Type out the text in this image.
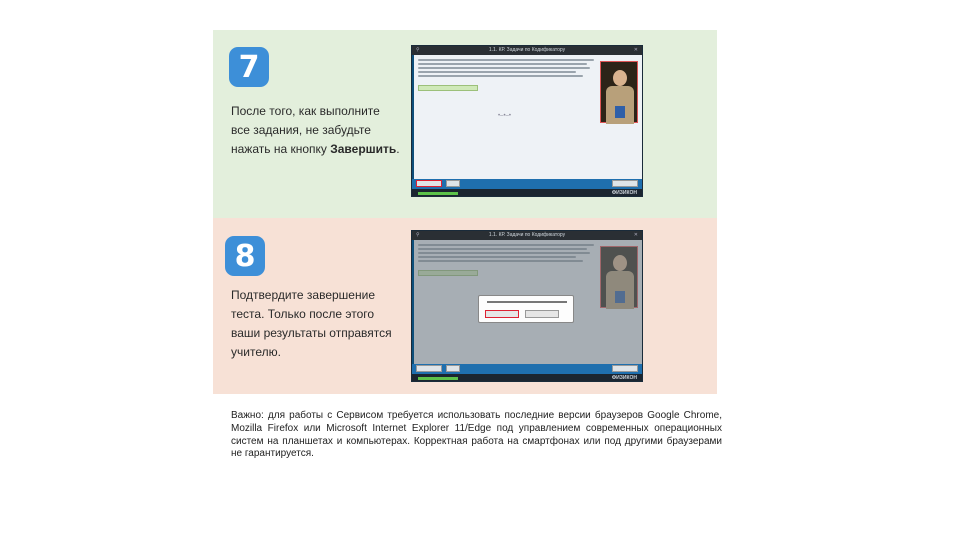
7
После того, как выполните все задания, не забудьте нажать на кнопку Завершить.
⚲	1.1. КР. Задачи по Кодификатору	✕
•–•–•
ФИЗИКОН
8
Подтвердите завершение теста. Только после этого ваши результаты отправятся учителю.
⚲	1.1. КР. Задачи по Кодификатору	✕
ФИЗИКОН
Важно: для работы с Сервисом требуется использовать последние версии браузеров Google Chrome, Mozilla Firefox или Microsoft Internet Explorer 11/Edge под управлением современных операционных систем на планшетах и компьютерах. Корректная работа на смартфонах или под другими браузерами не гарантируется.
